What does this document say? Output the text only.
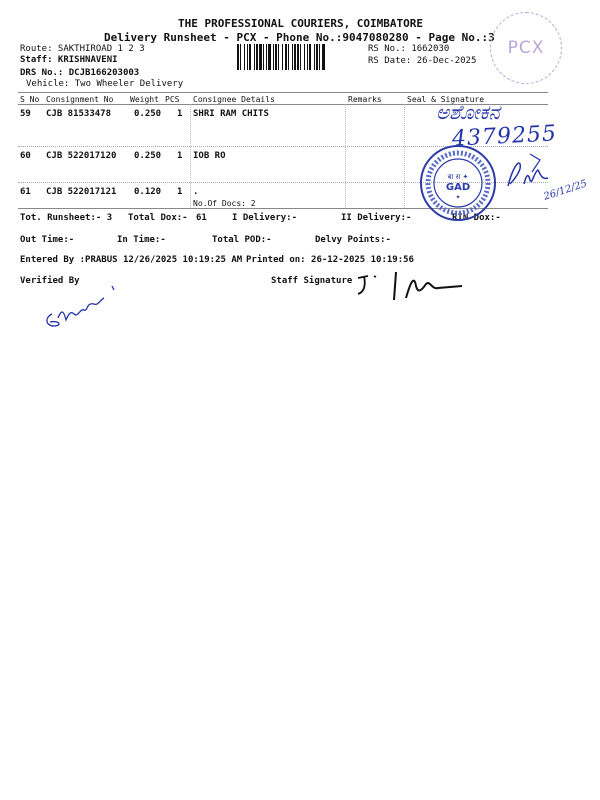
THE PROFESSIONAL COURIERS, COIMBATORE
Delivery Runsheet - PCX - Phone No.:9047080280 - Page No.:3
Route: SAKTHIROAD 1 2 3
Staff: KRISHNAVENI
DRS No.: DCJB166203003
Vehicle: Two Wheeler Delivery
RS No.: 1662030
RS Date: 26-Dec-2025
PCX
S No Consignment No Weight PCS Consignee Details	Remarks	Seal & Signature
59 CJB 81533478	0.250 1 SHRI RAM CHITS
60 CJB 522017120 0.250 1 IOB RO
61 CJB 522017121 0.120 1 .
No.Of Docs: 2
Tot. Runsheet:- 3 Total Dox:- 61	I Delivery:-	II Delivery:-	RIN Dox:-
Out Time:-	In Time:-	Total POD:-	Delvy Points:-
Entered By :PRABUS 12/26/2025 10:19:25 AM Printed on: 26-12-2025 10:19:56
Verified By	Staff Signature
ಅಶೋಕನ
4379255
26/12/25
बा स ✦
GAD
✦
